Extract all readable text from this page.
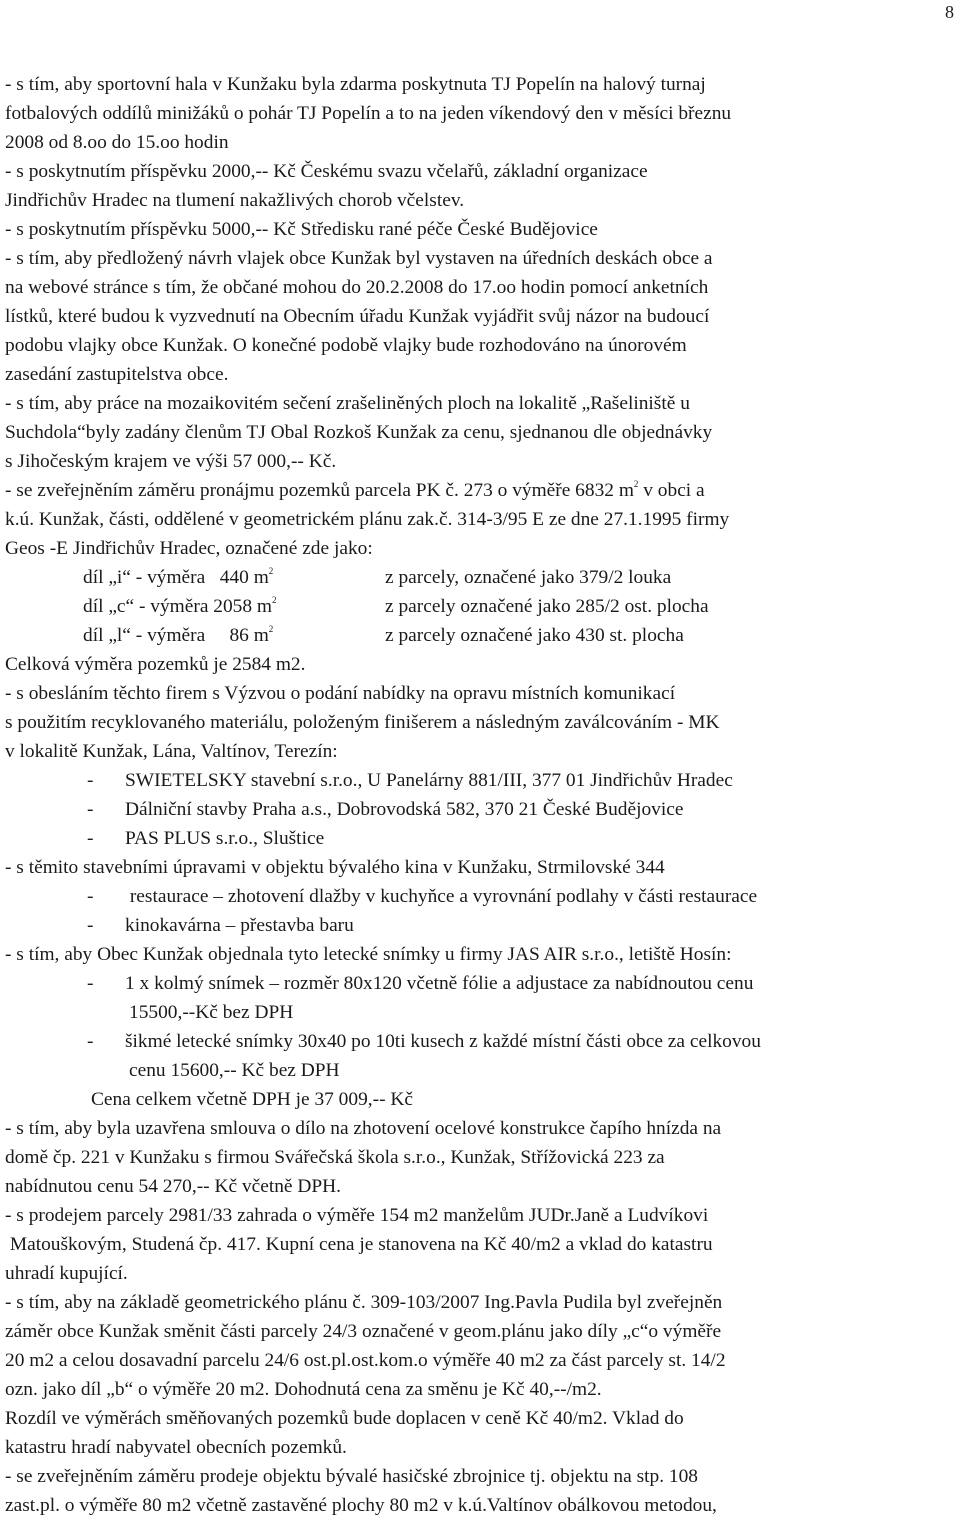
8
- s tím, aby sportovní hala v Kunžaku byla zdarma poskytnuta TJ Popelín na halový turnaj
fotbalových oddílů minižáků o pohár TJ Popelín a to na jeden víkendový den v měsíci březnu
2008 od 8.oo do 15.oo hodin
- s poskytnutím příspěvku 2000,-- Kč Českému svazu včelařů, základní organizace
Jindřichův Hradec na tlumení nakažlivých chorob včelstev.
- s poskytnutím příspěvku 5000,-- Kč Středisku rané péče České Budějovice
- s tím, aby předložený návrh vlajek obce Kunžak byl vystaven na úředních deskách obce a
na webové stránce s tím, že občané mohou do 20.2.2008 do 17.oo hodin pomocí anketních
lístků, které budou k vyzvednutí na Obecním úřadu Kunžak vyjádřit svůj názor na budoucí
podobu vlajky obce Kunžak. O konečné podobě vlajky bude rozhodováno na únorovém
zasedání zastupitelstva obce.
- s tím, aby práce na mozaikovitém sečení zrašeliněných ploch na lokalitě „Rašeliniště u
Suchdola“byly zadány členům TJ Obal Rozkoš Kunžak za cenu, sjednanou dle objednávky
s Jihočeským krajem ve výši 57 000,-- Kč.
- se zveřejněním záměru pronájmu pozemků parcela PK č. 273 o výměře 6832 $m^2$ v obci a
k.ú. Kunžak, části, oddělené v geometrickém plánu zak.č. 314-3/95 E ze dne 27.1.1995 firmy
Geos -E Jindřichův Hradec, označené zde jako:
díl „i“ - výměra   440 $m^2$	z parcely, označené jako 379/2 louka
díl „c“ - výměra 2058 $m^2$	z parcely označené jako 285/2 ost. plocha
díl „l“ - výměra     86 $m^2$	z parcely označené jako 430 st. plocha
Celková výměra pozemků je 2584 m2.
- s obesláním těchto firem s Výzvou o podání nabídky na opravu místních komunikací
s použitím recyklovaného materiálu, položeným finišerem a následným zaválcováním - MK
v lokalitě Kunžak, Lána, Valtínov, Terezín:
- SWIETELSKY stavební s.r.o., U Panelárny 881/III, 377 01 Jindřichův Hradec
- Dálniční stavby Praha a.s., Dobrovodská 582, 370 21 České Budějovice
- PAS PLUS s.r.o., Slušticе
- s těmito stavebními úpravami v objektu bývalého kina v Kunžaku, Strmilovské 344
- restaurace – zhotovení dlažby v kuchyňce a vyrovnání podlahy v části restaurace
- kinokavárna – přestavba baru
- s tím, aby Obec Kunžak objednala tyto letecké snímky u firmy JAS AIR s.r.o., letiště Hosín:
- 1 x kolmý snímek – rozměr 80x120 včetně fólie a adjustace za nabídnoutou cenu
15500,--Kč bez DPH
- šikmé letecké snímky 30x40 po 10ti kusech z každé místní části obce za celkovou
cenu 15600,-- Kč bez DPH
Cena celkem včetně DPH je 37 009,-- Kč
- s tím, aby byla uzavřena smlouva o dílo na zhotovení ocelové konstrukce čapího hnízda na
domě čp. 221 v Kunžaku s firmou Svářečská škola s.r.o., Kunžak, Střížovická 223 za
nabídnutou cenu 54 270,-- Kč včetně DPH.
- s prodejem parcely 2981/33 zahrada o výměře 154 m2 manželům JUDr.Janě a Ludvíkovi
Matouškovým, Studená čp. 417. Kupní cena je stanovena na Kč 40/m2 a vklad do katastru
uhradí kupující.
- s tím, aby na základě geometrického plánu č. 309-103/2007 Ing.Pavla Pudila byl zveřejněn
záměr obce Kunžak směnit části parcely 24/3 označené v geom.plánu jako díly „c“o výměře
20 m2 a celou dosavadní parcelu 24/6 ost.pl.ost.kom.o výměře 40 m2 za část parcely st. 14/2
ozn. jako díl „b“ o výměře 20 m2. Dohodnutá cena za směnu je Kč 40,--/m2.
Rozdíl ve výměrách směňovaných pozemků bude doplacen v ceně Kč 40/m2. Vklad do
katastru hradí nabyvatel obecních pozemků.
- se zveřejněním záměru prodeje objektu bývalé hasičské zbrojnice tj. objektu na stp. 108
zast.pl. o výměře 80 m2 včetně zastavěné plochy 80 m2 v k.ú.Valtínov obálkovou metodou,
